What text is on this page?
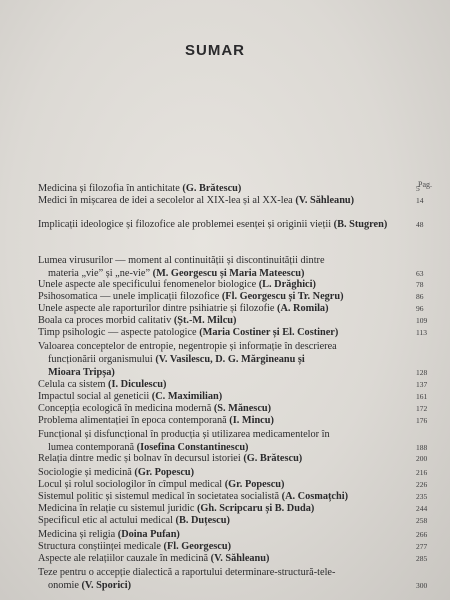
SUMAR
Pag.
Medicina și filozofia în antichitate (G. Brătescu)	5
Medici în mișcarea de idei a secolelor al XIX-lea și al XX-lea (V. Săhleanu)	14
Implicații ideologice și filozofice ale problemei esenței și originii vieții (B. Stugren)	48
Lumea virusurilor — moment al continuității și discontinuității dintre
materia „vie” și „ne-vie” (M. Georgescu și Maria Mateescu)	63
Unele aspecte ale specificului fenomenelor biologice (L. Drăghici)	78
Psihosomatica — unele implicații filozofice (Fl. Georgescu și Tr. Negru)	86
Unele aspecte ale raporturilor dintre psihiatrie și filozofie (A. Romila)	96
Boala ca proces morbid calitativ (Șt.-M. Milcu)	109
Timp psihologic — aspecte patologice (Maria Costiner și El. Costiner)	113
Valoarea conceptelor de entropie, negentropie și informație în descrierea
funcționării organismului (V. Vasilescu, D. G. Mărgineanu și
Mioara Tripșa)	128
Celula ca sistem (I. Diculescu)	137
Impactul social al geneticii (C. Maximilian)	161
Concepția ecologică în medicina modernă (S. Mănescu)	172
Problema alimentației în epoca contemporană (I. Mincu)	176
Funcțional și disfuncțional în producția și utilizarea medicamentelor în
lumea contemporană (Iosefina Constantinescu)	188
Relația dintre medic și bolnav în decursul istoriei (G. Brătescu)	200
Sociologie și medicină (Gr. Popescu)	216
Locul și rolul sociologilor în cîmpul medical (Gr. Popescu)	226
Sistemul politic și sistemul medical în societatea socialistă (A. Cosmațchi)	235
Medicina în relație cu sistemul juridic (Gh. Scripcaru și B. Duda)	244
Specificul etic al actului medical (B. Duțescu)	258
Medicina și religia (Doina Pufan)	266
Structura conștiinței medicale (Fl. Georgescu)	277
Aspecte ale relațiilor cauzale în medicină (V. Săhleanu)	285
Teze pentru o accepție dialectică a raportului determinare-structură-tele-
onomie (V. Sporici)	300
